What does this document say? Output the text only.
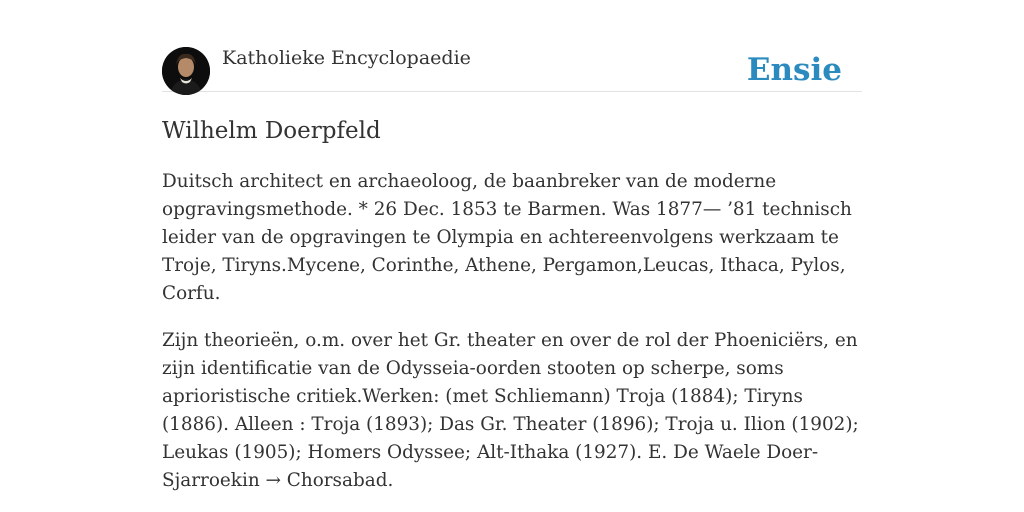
Katholieke Encyclopaedie	Ensie
Wilhelm Doerpfeld

Duitsch architect en archaeoloog, de baanbreker van de moderne opgravingsmethode. * 26 Dec. 1853 te Barmen. Was 1877— ’81 technisch leider van de opgravingen te Olympia en achtereenvolgens werkzaam te Troje, Tiryns.Mycene, Corinthe, Athene, Pergamon,Leucas, Ithaca, Pylos, Corfu.

Zijn theorieën, o.m. over het Gr. theater en over de rol der Phoeniciërs, en zijn identificatie van de Odysseia-oorden stooten op scherpe, soms aprioristische critiek.Werken: (met Schliemann) Troja (1884); Tiryns (1886). Alleen : Troja (1893); Das Gr. Theater (1896); Troja u. Ilion (1902); Leukas (1905); Homers Odyssee; Alt-Ithaka (1927). E. De Waele Doer-Sjarroekin → Chorsabad.
